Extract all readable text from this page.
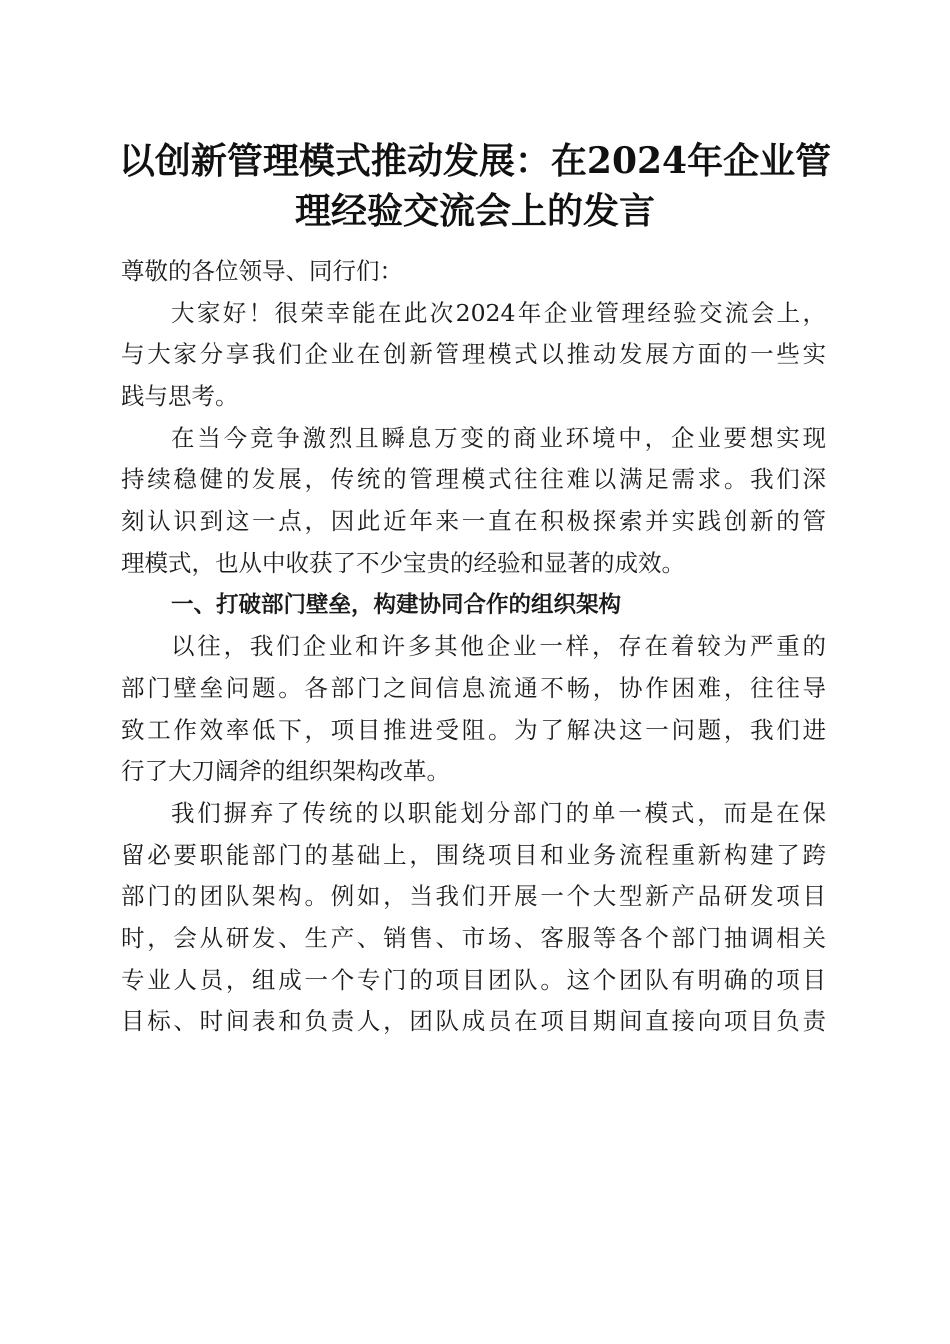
以创新管理模式推动发展：在2024年企业管
理经验交流会上的发言
尊敬的各位领导、同行们：
大家好！很荣幸能在此次2024年企业管理经验交流会上，
与大家分享我们企业在创新管理模式以推动发展方面的一些实
践与思考。
在当今竞争激烈且瞬息万变的商业环境中，企业要想实现
持续稳健的发展，传统的管理模式往往难以满足需求。我们深
刻认识到这一点，因此近年来一直在积极探索并实践创新的管
理模式，也从中收获了不少宝贵的经验和显著的成效。
一、打破部门壁垒，构建协同合作的组织架构
以往，我们企业和许多其他企业一样，存在着较为严重的
部门壁垒问题。各部门之间信息流通不畅，协作困难，往往导
致工作效率低下，项目推进受阻。为了解决这一问题，我们进
行了大刀阔斧的组织架构改革。
我们摒弃了传统的以职能划分部门的单一模式，而是在保
留必要职能部门的基础上，围绕项目和业务流程重新构建了跨
部门的团队架构。例如，当我们开展一个大型新产品研发项目
时，会从研发、生产、销售、市场、客服等各个部门抽调相关
专业人员，组成一个专门的项目团队。这个团队有明确的项目
目标、时间表和负责人，团队成员在项目期间直接向项目负责
